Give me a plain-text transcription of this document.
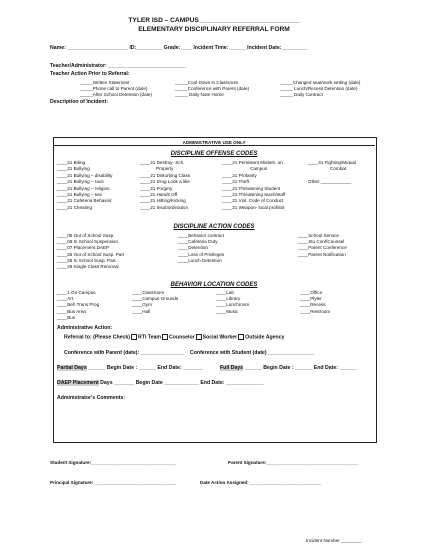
TYLER ISD – CAMPUS ___________________________
ELEMENTARY DISCIPLINARY REFERRAL FORM
Name: _____________________ ID:_________ Grade:____ Incident Time: ______Incident Date:_________
Teacher/Administrator: ___________________________
Teacher Action Prior to Referral:
_____Written Statement
_____Phone call to Parent (date)
_____After School Detention (date)
_____Cool Down in Classroom
_____Conference with Parent (date)
_____ Daily Note Home
_____Changed seat/work setting (date)
_____ Lunch/Recess Detention (date)
_____ Daily Contract
Description of Incident:
ADMINISTRATIVE USE ONLY
DISCIPLINE OFFENSE CODES
____21 Biting
____21 Bullying
____21 Bullying – disability
____21 Bullying – race
____21 Bullying – religion
____21 Bullying – sex
____21 Cafeteria Behavior
____21 Cheating
____21 Destroy- Sch.
Property
____21 Disturbing Class
____21 Drug Look a like
____21 Forgery
____21 Hands Off
____21 Hitting/Kicking
____21 Insubordination
____21 Persistent Misbeh. on
Campus
____21 Profanity
____21 Theft
____21 Threatening Student
____21 Threatening teach/staff
____21 Viol. Code of Conduct
____21 Weapon- local prohibit
____41 Fighting/Mutual
Combat

Other ____________
DISCIPLINE ACTION CODES
____05 Out of School Susp.
____06 In School Suspension
____07 Placement DAEP
____25 Out of School Susp. Part
____26 In School Susp. Part.
____26 Single Class Removal
____Behavior contract
____Cafeteria Duty
____Detention
____Loss of Privileges
____Lunch Detention
____School Service
____Stu Conf/Counsel
____Parent Conference
____Parent Notification
BEHAVIOR LOCATION CODES
____1 On Campus
____Art
____Beh Trans Prog
____Bus Area
____Bus
____Classroom
____Campus Grounds
____Gym
____Hall
____Lab
____Library
____Lunchroom
____Music
____Office
____Plyler
____Recess
____Restroom
Administrative Action:
Referral to: (Please Check) RTI Team Counselor Social Worker Outside Agency
Conference with Parent (date): _______________ Conference with Student (date) ________________
Partial Days ______ Begin Date : ______ End Date: _______	Full Days ______ Begin Date : ______ End Date: ______
DAEP Placement Days _______ Begin Date ____________ End Date: _____________
Administrator's Comments:
Student Signature:_________________________________	Parent Signature:____________________________________
Principal Signature: ________________________________	Date Action Assigned: ____________________________
Incident Number ________
